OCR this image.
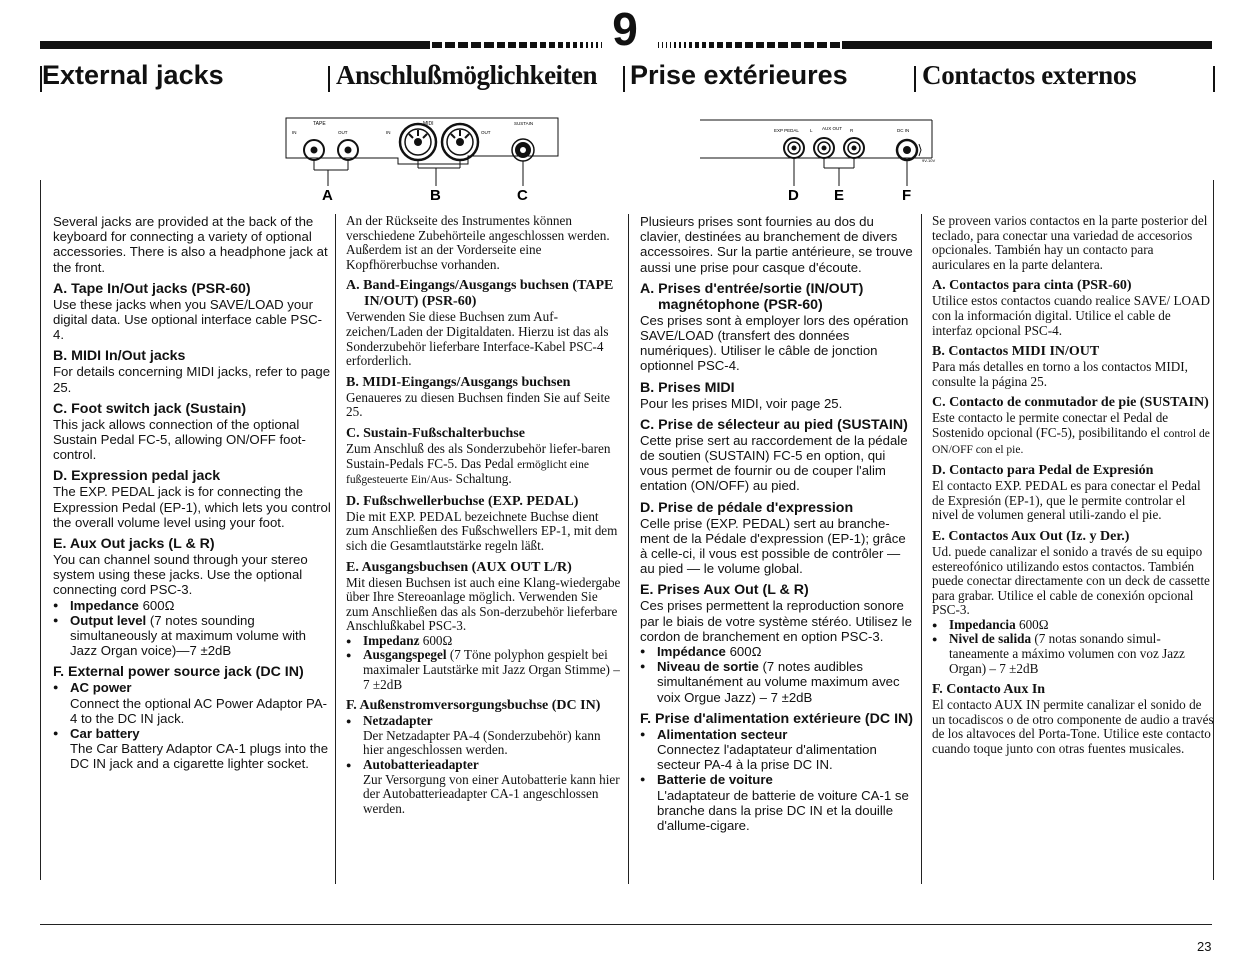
9
External jacks	Anschlußmöglichkeiten Prise extérieures	Contactos externos
TAPE
IN	OUT
MIDI
IN	OUT
SUSTAIN
A	B	C
EXP PEDAL L AUX OUT R	DC IN
9V-10V
D E	F

Several jacks are provided at the back of the keyboard for connecting a variety of optional accessories. There is also a headphone jack at the front.

A. Tape In/Out jacks (PSR-60)

Use these jacks when you SAVE/LOAD your digital data. Use optional interface cable PSC-4.

B. MIDI In/Out jacks

For details concerning MIDI jacks, refer to page 25.

C. Foot switch jack (Sustain)

This jack allows connection of the optional Sustain Pedal FC-5, allowing ON/OFF foot-control.

D. Expression pedal jack

The EXP. PEDAL jack is for connecting the Expression Pedal (EP-1), which lets you control the overall volume level using your foot.

E. Aux Out jacks (L & R)

You can channel sound through your stereo system using these jacks. Use the optional connecting cord PSC-3.

● Impedance 600Ω
● Output level (7 notes sounding simultaneously at maximum volume with Jazz Organ voice)—7 ±2dB

F. External power source jack (DC IN)

● AC power
Connect the optional AC Power Adaptor PA-4 to the DC IN jack.
● Car battery
The Car Battery Adaptor CA-1 plugs into the DC IN jack and a cigarette lighter socket.

An der Rückseite des Instrumentes können verschiedene Zubehörteile angeschlossen werden. Außerdem ist an der Vorderseite eine Kopfhörerbuchse vorhanden.

A. Band-Eingangs/Ausgangs buchsen (TAPE IN/OUT) (PSR-60)

Verwenden Sie diese Buchsen zum Auf-zeichen/Laden der Digitaldaten. Hierzu ist das als Sonderzubehör lieferbare Interface-Kabel PSC-4 erforderlich.

B. MIDI-Eingangs/Ausgangs buchsen

Genaueres zu diesen Buchsen finden Sie auf Seite 25.

C. Sustain-Fußschalterbuchse

Zum Anschluß des als Sonderzubehör liefer-baren Sustain-Pedals FC-5. Das Pedal ermöglicht eine fußgesteuerte Ein/Aus- Schaltung.

D. Fußschwellerbuchse (EXP. PEDAL)

Die mit EXP. PEDAL bezeichnete Buchse dient zum Anschließen des Fußschwellers EP-1, mit dem sich die Gesamtlautstärke regeln läßt.

E. Ausgangsbuchsen (AUX OUT L/R)

Mit diesen Buchsen ist auch eine Klang-wiedergabe über Ihre Stereoanlage möglich. Verwenden Sie zum Anschließen das als Son-derzubehör lieferbare Anschlußkabel PSC-3.

● Impedanz 600Ω
● Ausgangspegel (7 Töne polyphon gespielt bei maximaler Lautstärke mit Jazz Organ Stimme) – 7 ±2dB

F. Außenstromversorgungsbuchse (DC IN)

● Netzadapter
Der Netzadapter PA-4 (Sonderzubehör) kann hier angeschlossen werden.
● Autobatterieadapter
Zur Versorgung von einer Autobatterie kann hier der Autobatterieadapter CA-1 angeschlossen werden.

Plusieurs prises sont fournies au dos du clavier, destinées au branchement de divers accessoires. Sur la partie antérieure, se trouve aussi une prise pour casque d'écoute.

A. Prises d'entrée/sortie (IN/OUT) magnétophone (PSR-60)

Ces prises sont à employer lors des opération SAVE/LOAD (transfert des données numériques). Utiliser le câble de jonction optionnel PSC-4.

B. Prises MIDI

Pour les prises MIDI, voir page 25.

C. Prise de sélecteur au pied (SUSTAIN)

Cette prise sert au raccordement de la pédale de soutien (SUSTAIN) FC-5 en option, qui vous permet de fournir ou de couper l'alim entation (ON/OFF) au pied.

D. Prise de pédale d'expression

Celle prise (EXP. PEDAL) sert au branche-ment de la Pédale d'expression (EP-1); grâce à celle-ci, il vous est possible de contrôler — au pied — le volume global.

E. Prises Aux Out (L & R)

Ces prises permettent la reproduction sonore par le biais de votre système stéréo. Utilisez le cordon de branchement en option PSC-3.

● Impédance 600Ω
● Niveau de sortie (7 notes audibles simultanément au volume maximum avec voix Orgue Jazz) – 7 ±2dB

F. Prise d'alimentation extérieure (DC IN)

● Alimentation secteur
Connectez l'adaptateur d'alimentation secteur PA-4 à la prise DC IN.
● Batterie de voiture
L'adaptateur de batterie de voiture CA-1 se branche dans la prise DC IN et la douille d'allume-cigare.

Se proveen varios contactos en la parte posterior del teclado, para conectar una variedad de accesorios opcionales. También hay un contacto para auriculares en la parte delantera.

A. Contactos para cinta (PSR-60)

Utilice estos contactos cuando realice SAVE/ LOAD con la información digital. Utilice el cable de interfaz opcional PSC-4.

B. Contactos MIDI IN/OUT

Para más detalles en torno a los contactos MIDI, consulte la página 25.

C. Contacto de conmutador de pie (SUSTAIN)

Este contacto le permite conectar el Pedal de Sostenido opcional (FC-5), posibilitando el control de ON/OFF con el pie.

D. Contacto para Pedal de Expresión

El contacto EXP. PEDAL es para conectar el Pedal de Expresión (EP-1), que le permite controlar el nivel de volumen general utili-zando el pie.

E. Contactos Aux Out (Iz. y Der.)

Ud. puede canalizar el sonido a través de su equipo estereofónico utilizando estos contactos. También puede conectar directamente con un deck de cassette para grabar. Utilice el cable de conexión opcional PSC-3.

● Impedancia 600Ω
● Nivel de salida (7 notas sonando simul-taneamente a máximo volumen con voz Jazz Organ) – 7 ±2dB

F. Contacto Aux In

El contacto AUX IN permite canalizar el sonido de un tocadiscos o de otro componente de audio a través de los altavoces del Porta-Tone. Utilice este contacto cuando toque junto con otras fuentes musicales.

23
